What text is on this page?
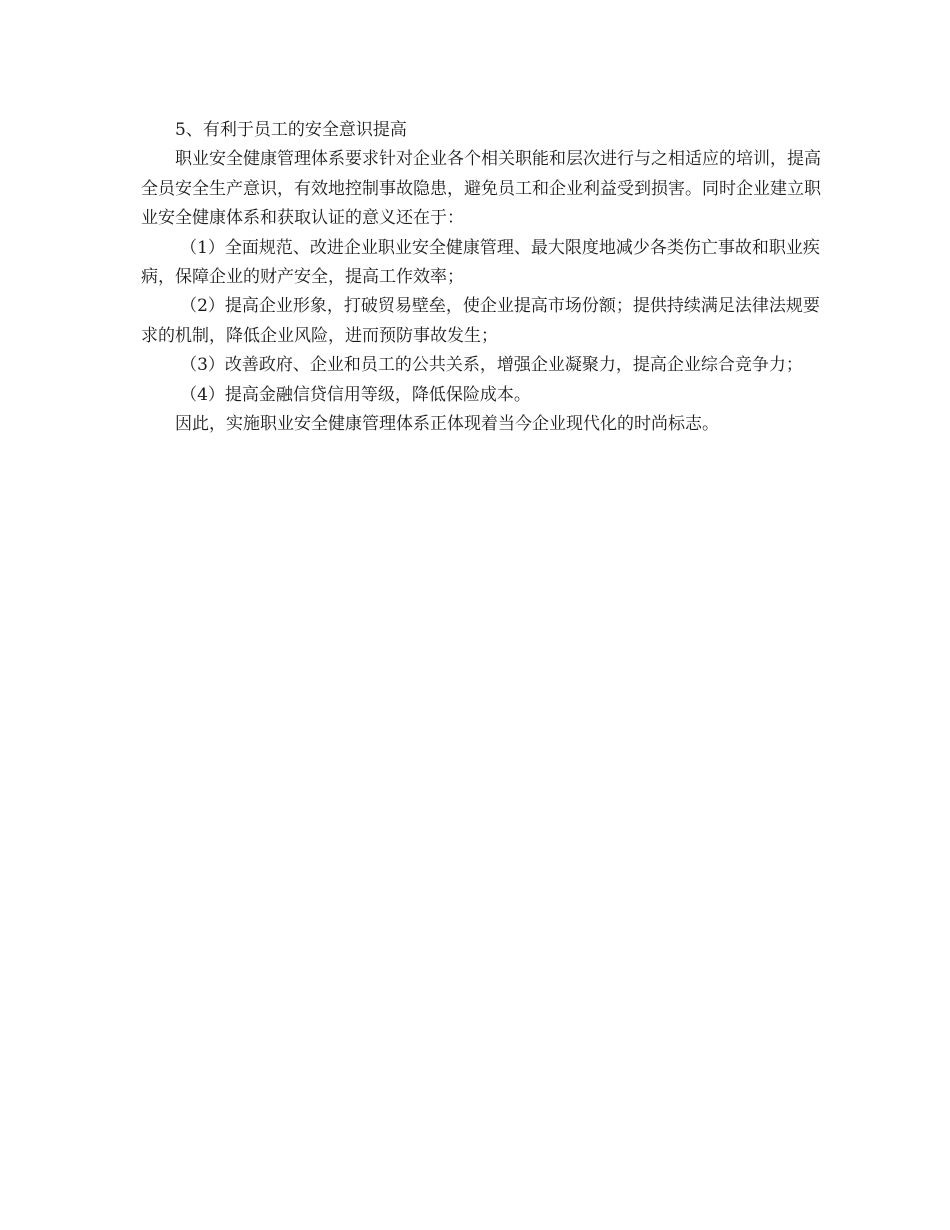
5、有利于员工的安全意识提高

职业安全健康管理体系要求针对企业各个相关职能和层次进行与之相适应的培训，提高全员安全生产意识，有效地控制事故隐患，避免员工和企业利益受到损害。同时企业建立职业安全健康体系和获取认证的意义还在于：

（1）全面规范、改进企业职业安全健康管理、最大限度地减少各类伤亡事故和职业疾病，保障企业的财产安全，提高工作效率；

（2）提高企业形象，打破贸易壁垒，使企业提高市场份额；提供持续满足法律法规要求的机制，降低企业风险，进而预防事故发生；

（3）改善政府、企业和员工的公共关系，增强企业凝聚力，提高企业综合竞争力；

（4）提高金融信贷信用等级，降低保险成本。

因此，实施职业安全健康管理体系正体现着当今企业现代化的时尚标志。
